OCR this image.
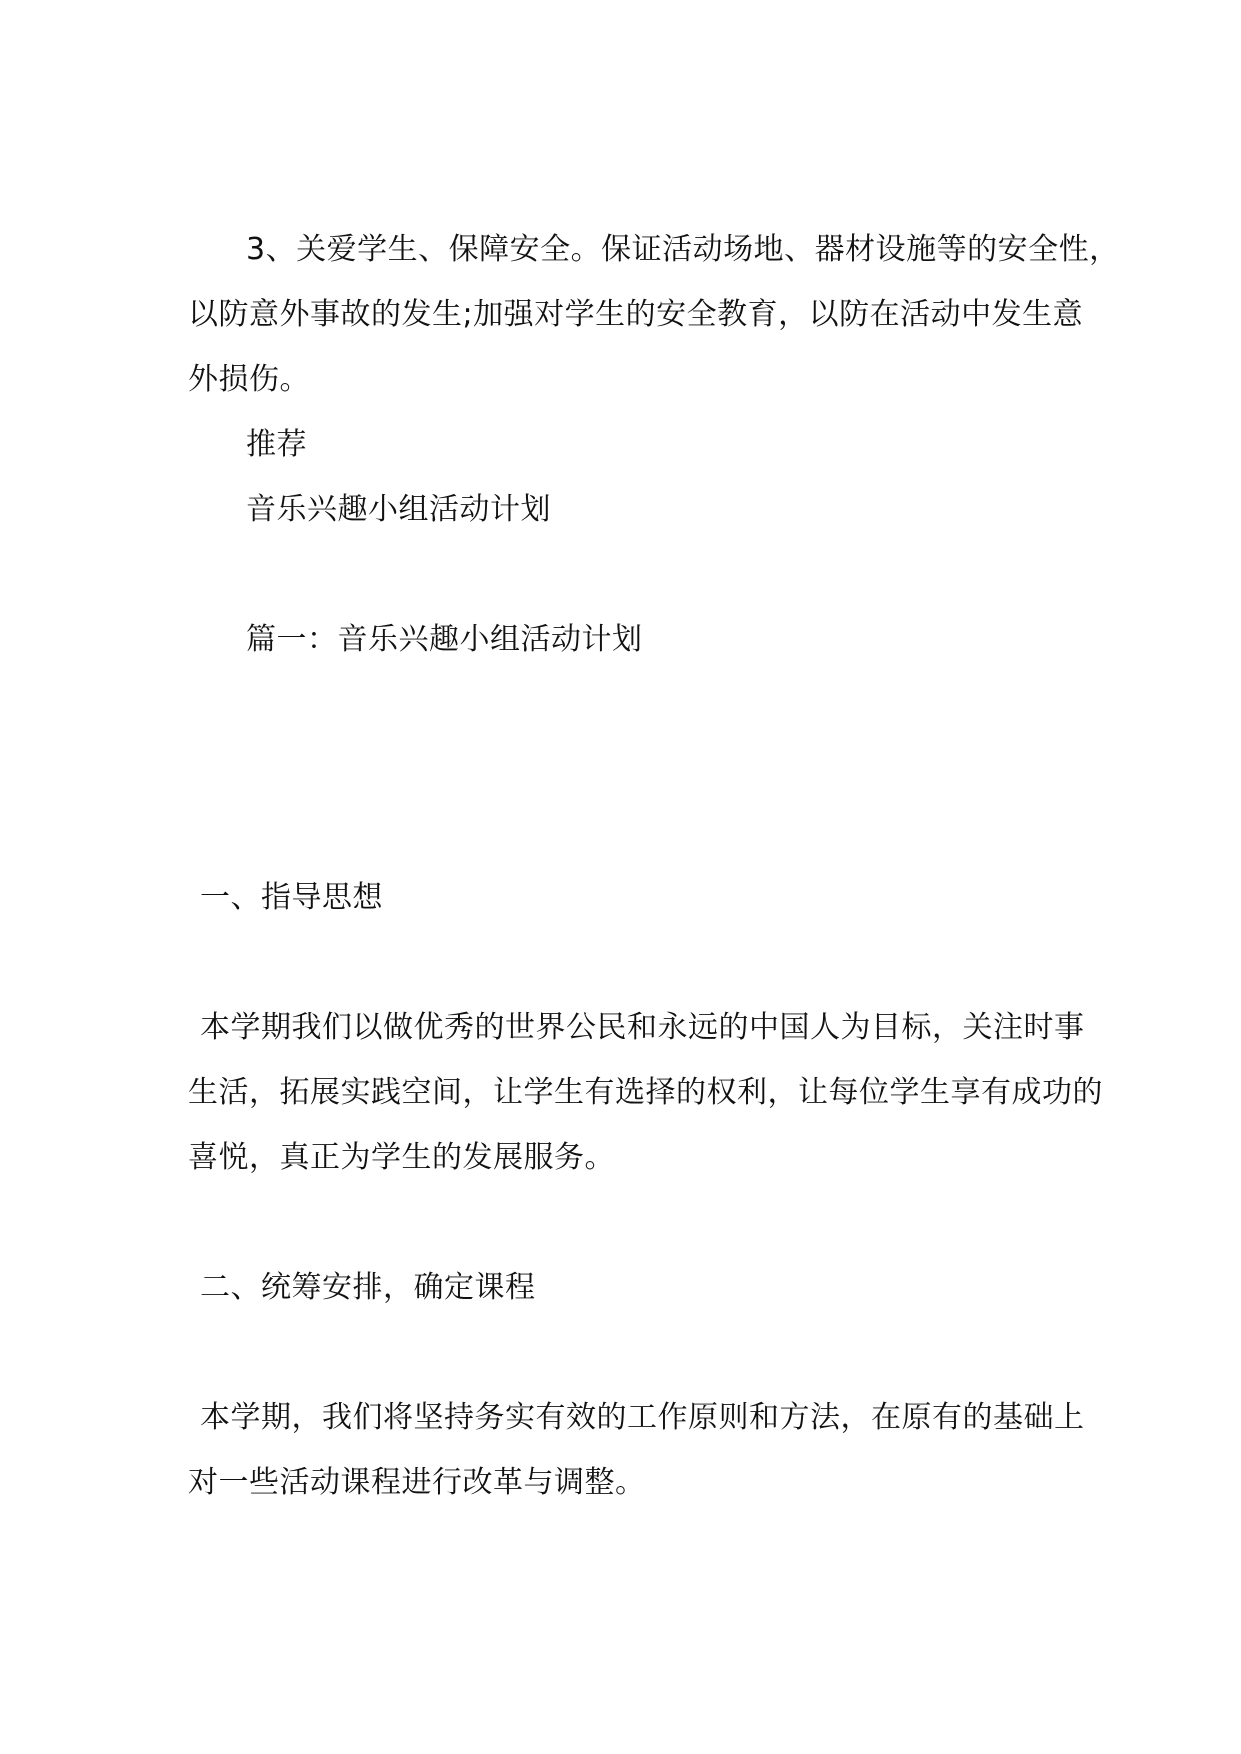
3、关爱学生、保障安全。保证活动场地、器材设施等的安全性，
以防意外事故的发生;加强对学生的安全教育，以防在活动中发生意
外损伤。
推荐
音乐兴趣小组活动计划
篇一：音乐兴趣小组活动计划
一、指导思想
本学期我们以做优秀的世界公民和永远的中国人为目标，关注时事
生活，拓展实践空间，让学生有选择的权利，让每位学生享有成功的
喜悦，真正为学生的发展服务。
二、统筹安排，确定课程
本学期，我们将坚持务实有效的工作原则和方法，在原有的基础上
对一些活动课程进行改革与调整。
